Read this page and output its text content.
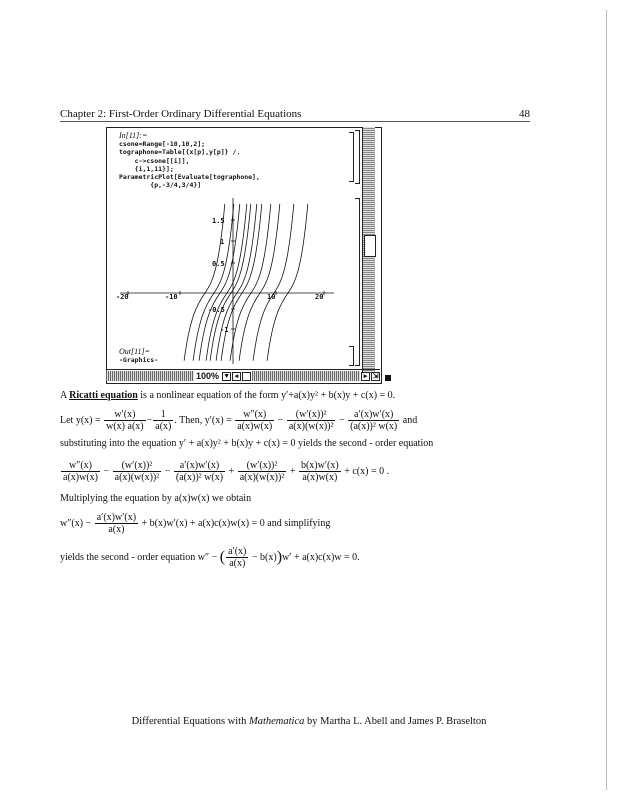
Chapter 2: First-Order Ordinary Differential Equations	48
In[11]:=
csone=Range[-10,10,2];
tographone=Table[{x[p],y[p]} /.
c->csone[[i]],
{i,1,11}];
ParametricPlot[Evaluate[tographone],
{p,-3/4,3/4}]
Out[11]=
-Graphics-
100% ▼ ◂	▸ ⇲
-20	-10	10	20
1.5
1
0.5
-0.5
-1
A Ricatti equation is a nonlinear equation of the form y′+a(x)y² + b(x)y + c(x) = 0.
Let $y(x) = \frac{w'(x)}{w(x) a(x)} - \frac{1}{a(x)}$ . Then, $y'(x) = \frac{w''(x)}{a(x)w(x)} - \frac{\text{(w′(x))²}}{\text{a(x)(w(x))²}} - \frac{a'(x)w'(x)}{\text{(a(x))² w(x)}}$ and
substituting into the equation y′ + a(x)y² + b(x)y + c(x) = 0 yields the second - order equation
$\frac{w''(x)}{a(x)w(x)} - \frac{\text{(w′(x))²}}{\text{a(x)(w(x))²}} - \frac{a'(x)w'(x)}{\text{(a(x))² w(x)}} + \frac{\text{(w′(x))²}}{\text{a(x)(w(x))²}} + \frac{b(x)w'(x)}{a(x)w(x)} + c(x) = 0$ .
Multiplying the equation by a(x)w(x) we obtain
$w''(x) - \frac{a'(x)w'(x)}{a(x)} + b(x)w'(x) + a(x)c(x)w(x) = 0$ and simplifying
yields the second - order equation w″ − ( $\frac{a'(x)}{a(x)} - b(x))w' + a(x)c(x)w = 0$.
Differential Equations with Mathematica by Martha L. Abell and James P. Braselton
